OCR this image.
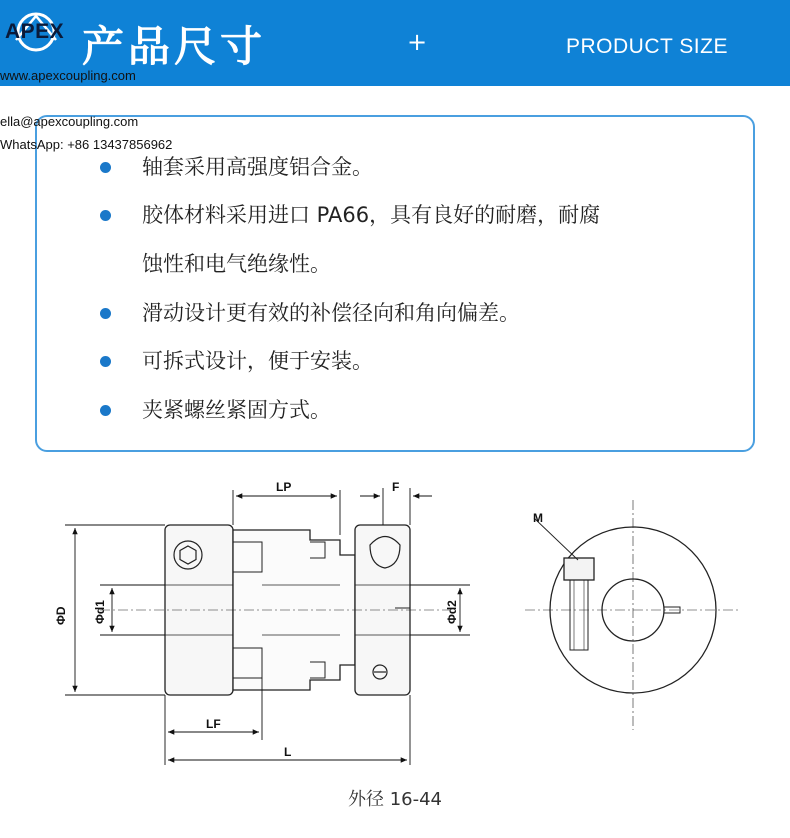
APEX 产品尺寸	+	PRODUCT SIZE
www.apexcoupling.com
轴套采用高强度铝合金。
胶体材料采用进口 PA66，具有良好的耐磨，耐腐
蚀性和电气绝缘性。
滑动设计更有效的补偿径向和角向偏差。
可拆式设计，便于安装。
夹紧螺丝紧固方式。
ella@apexcoupling.com
WhatsApp: +86 13437856962
LP	F
ΦD Φd1	Φd2
LF
L
M
外径 16-44
